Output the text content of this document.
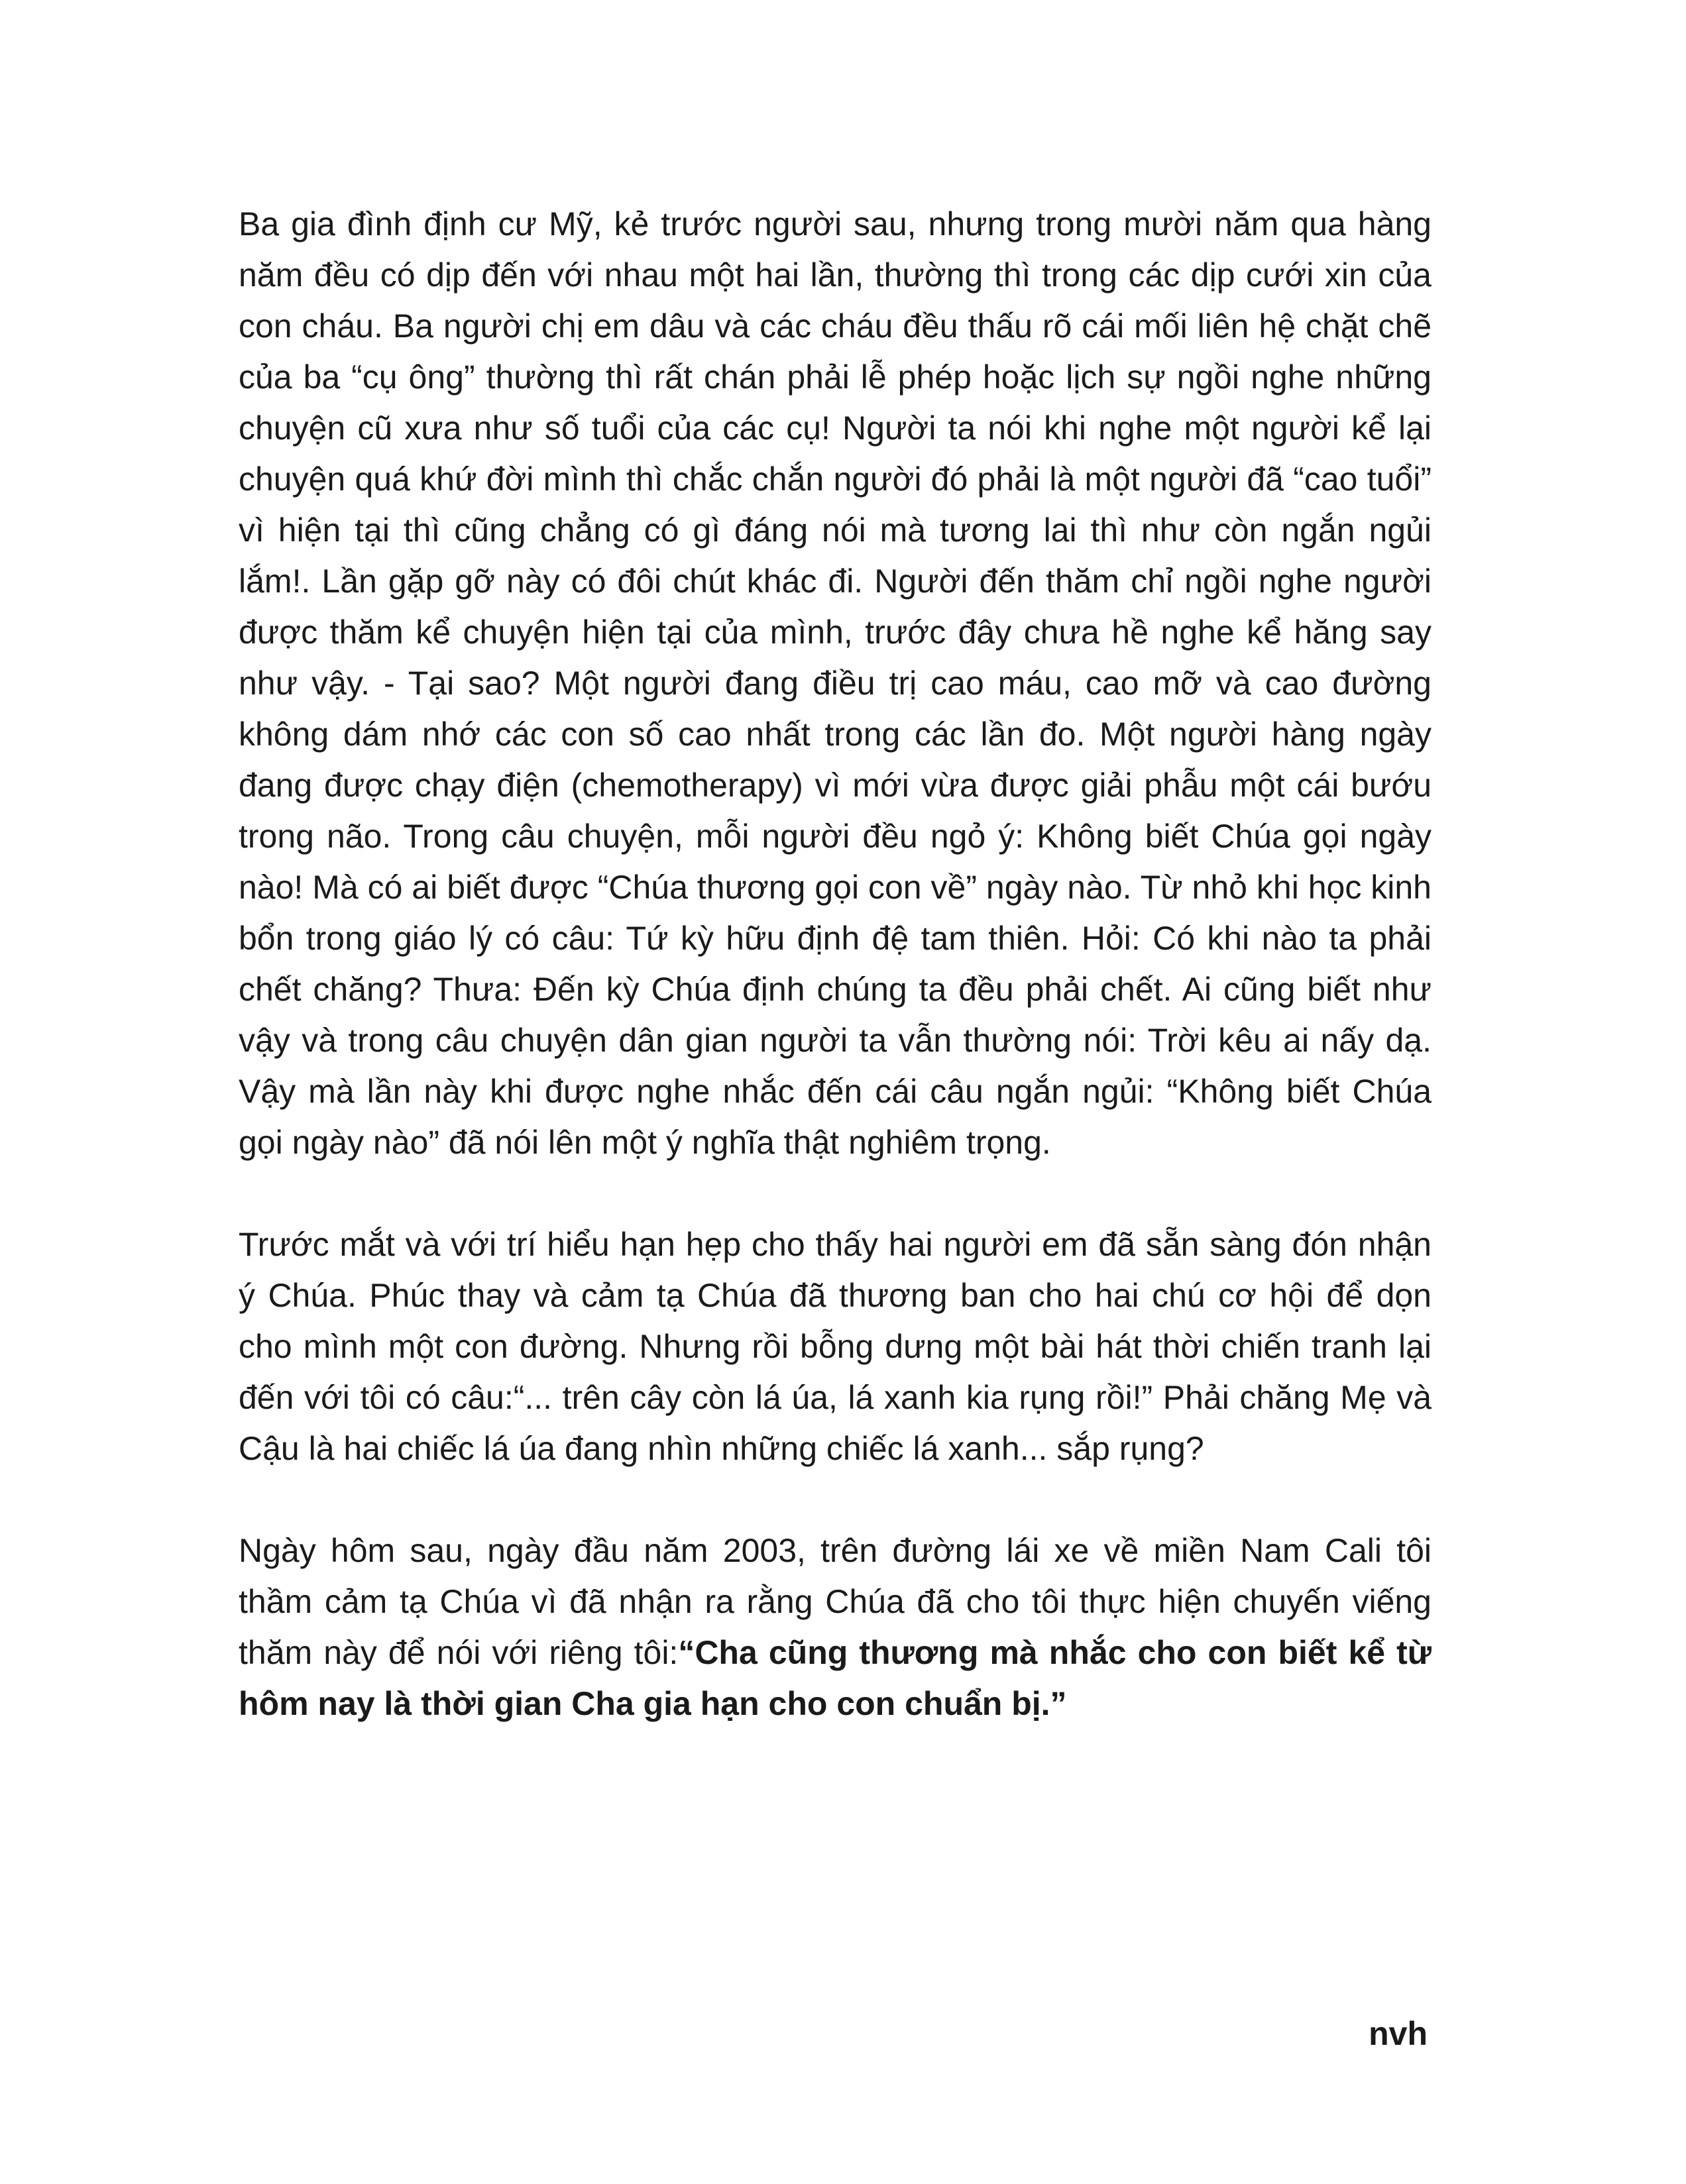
Ba gia đình định cư Mỹ, kẻ trước người sau, nhưng trong mười năm qua hàng năm đều có dịp đến với nhau một hai lần, thường thì trong các dịp cưới xin của con cháu. Ba người chị em dâu và các cháu đều thấu rõ cái mối liên hệ chặt chẽ của ba “cụ ông” thường thì rất chán phải lễ phép hoặc lịch sự ngồi nghe những chuyện cũ xưa như số tuổi của các cụ! Người ta nói khi nghe một người kể lại chuyện quá khứ đời mình thì chắc chắn người đó phải là một người đã “cao tuổi” vì hiện tại thì cũng chẳng có gì đáng nói mà tương lai thì như còn ngắn ngủi lắm!. Lần gặp gỡ này có đôi chút khác đi. Người đến thăm chỉ ngồi nghe người được thăm kể chuyện hiện tại của mình, trước đây chưa hề nghe kể hăng say như vậy. - Tại sao? Một người đang điều trị cao máu, cao mỡ và cao đường không dám nhớ các con số cao nhất trong các lần đo. Một người hàng ngày đang được chạy điện (chemotherapy) vì mới vừa được giải phẫu một cái bướu trong não. Trong câu chuyện, mỗi người đều ngỏ ý: Không biết Chúa gọi ngày nào! Mà có ai biết được “Chúa thương gọi con về” ngày nào. Từ nhỏ khi học kinh bổn trong giáo lý có câu: Tứ kỳ hữu định đệ tam thiên. Hỏi: Có khi nào ta phải chết chăng? Thưa: Đến kỳ Chúa định chúng ta đều phải chết. Ai cũng biết như vậy và trong câu chuyện dân gian người ta vẫn thường nói: Trời kêu ai nấy dạ. Vậy mà lần này khi được nghe nhắc đến cái câu ngắn ngủi: “Không biết Chúa gọi ngày nào” đã nói lên một ý nghĩa thật nghiêm trọng.

Trước mắt và với trí hiểu hạn hẹp cho thấy hai người em đã sẵn sàng đón nhận ý Chúa. Phúc thay và cảm tạ Chúa đã thương ban cho hai chú cơ hội để dọn cho mình một con đường. Nhưng rồi bỗng dưng một bài hát thời chiến tranh lại đến với tôi có câu:“... trên cây còn lá úa, lá xanh kia rụng rồi!” Phải chăng Mẹ và Cậu là hai chiếc lá úa đang nhìn những chiếc lá xanh... sắp rụng?

Ngày hôm sau, ngày đầu năm 2003, trên đường lái xe về miền Nam Cali tôi thầm cảm tạ Chúa vì đã nhận ra rằng Chúa đã cho tôi thực hiện chuyến viếng thăm này để nói với riêng tôi:“Cha cũng thương mà nhắc cho con biết kể từ hôm nay là thời gian Cha gia hạn cho con chuẩn bị.”

nvh
